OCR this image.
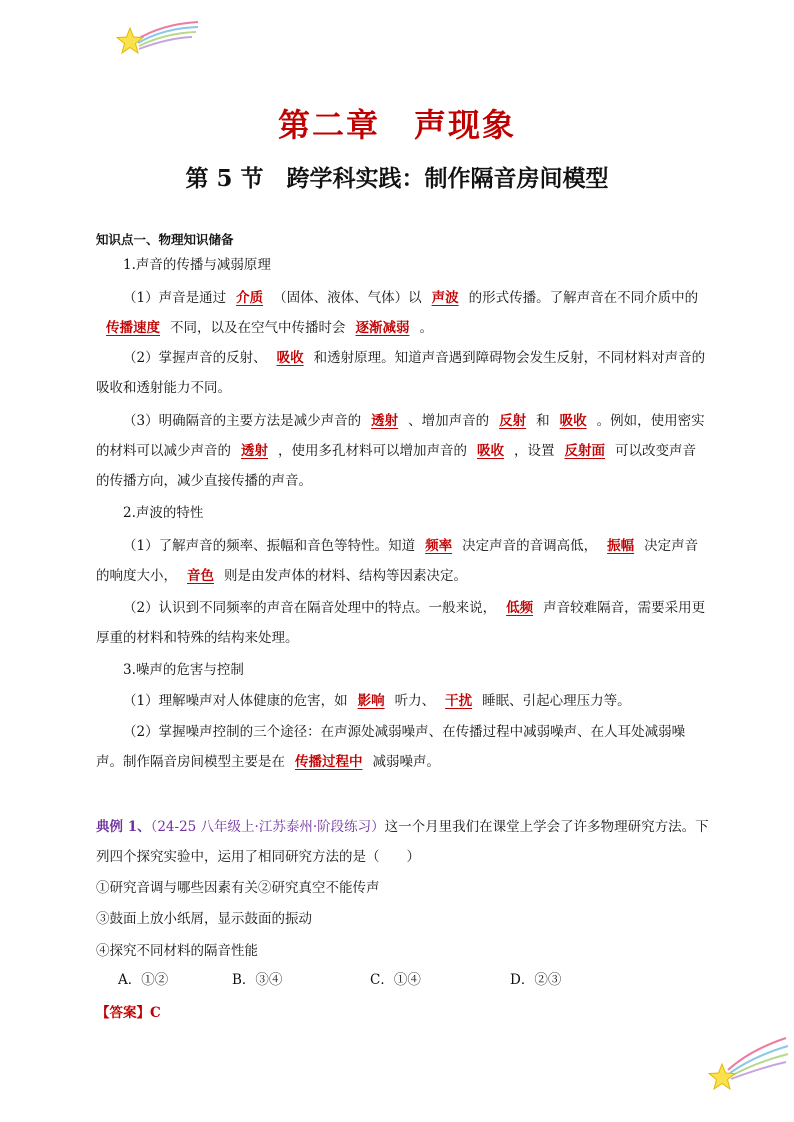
第二章　声现象
第 5 节　跨学科实践：制作隔音房间模型
知识点一、物理知识储备
1.声音的传播与减弱原理
（1）声音是通过 介质 （固体、液体、气体）以 声波 的形式传播。了解声音在不同介质中的传播速度 不同，以及在空气中传播时会 逐渐减弱 。
（2）掌握声音的反射、 吸收 和透射原理。知道声音遇到障碍物会发生反射，不同材料对声音的吸收和透射能力不同。
（3）明确隔音的主要方法是减少声音的 透射 、增加声音的 反射 和 吸收 。例如，使用密实的材料可以减少声音的 透射 ，使用多孔材料可以增加声音的 吸收 ，设置 反射面 可以改变声音的传播方向，减少直接传播的声音。
2.声波的特性
（1）了解声音的频率、振幅和音色等特性。知道 频率 决定声音的音调高低， 振幅 决定声音的响度大小， 音色 则是由发声体的材料、结构等因素决定。
（2）认识到不同频率的声音在隔音处理中的特点。一般来说， 低频 声音较难隔音，需要采用更厚重的材料和特殊的结构来处理。
3.噪声的危害与控制
（1）理解噪声对人体健康的危害，如 影响 听力、 干扰 睡眠、引起心理压力等。
（2）掌握噪声控制的三个途径：在声源处减弱噪声、在传播过程中减弱噪声、在人耳处减弱噪声。制作隔音房间模型主要是在 传播过程中 减弱噪声。
典例 1、（24-25 八年级上·江苏泰州·阶段练习）这一个月里我们在课堂上学会了许多物理研究方法。下列四个探究实验中，运用了相同研究方法的是（　　）
①研究音调与哪些因素有关②研究真空不能传声
③鼓面上放小纸屑，显示鼓面的振动
④探究不同材料的隔音性能
A．①②	B．③④	C．①④	D．②③
【答案】C
